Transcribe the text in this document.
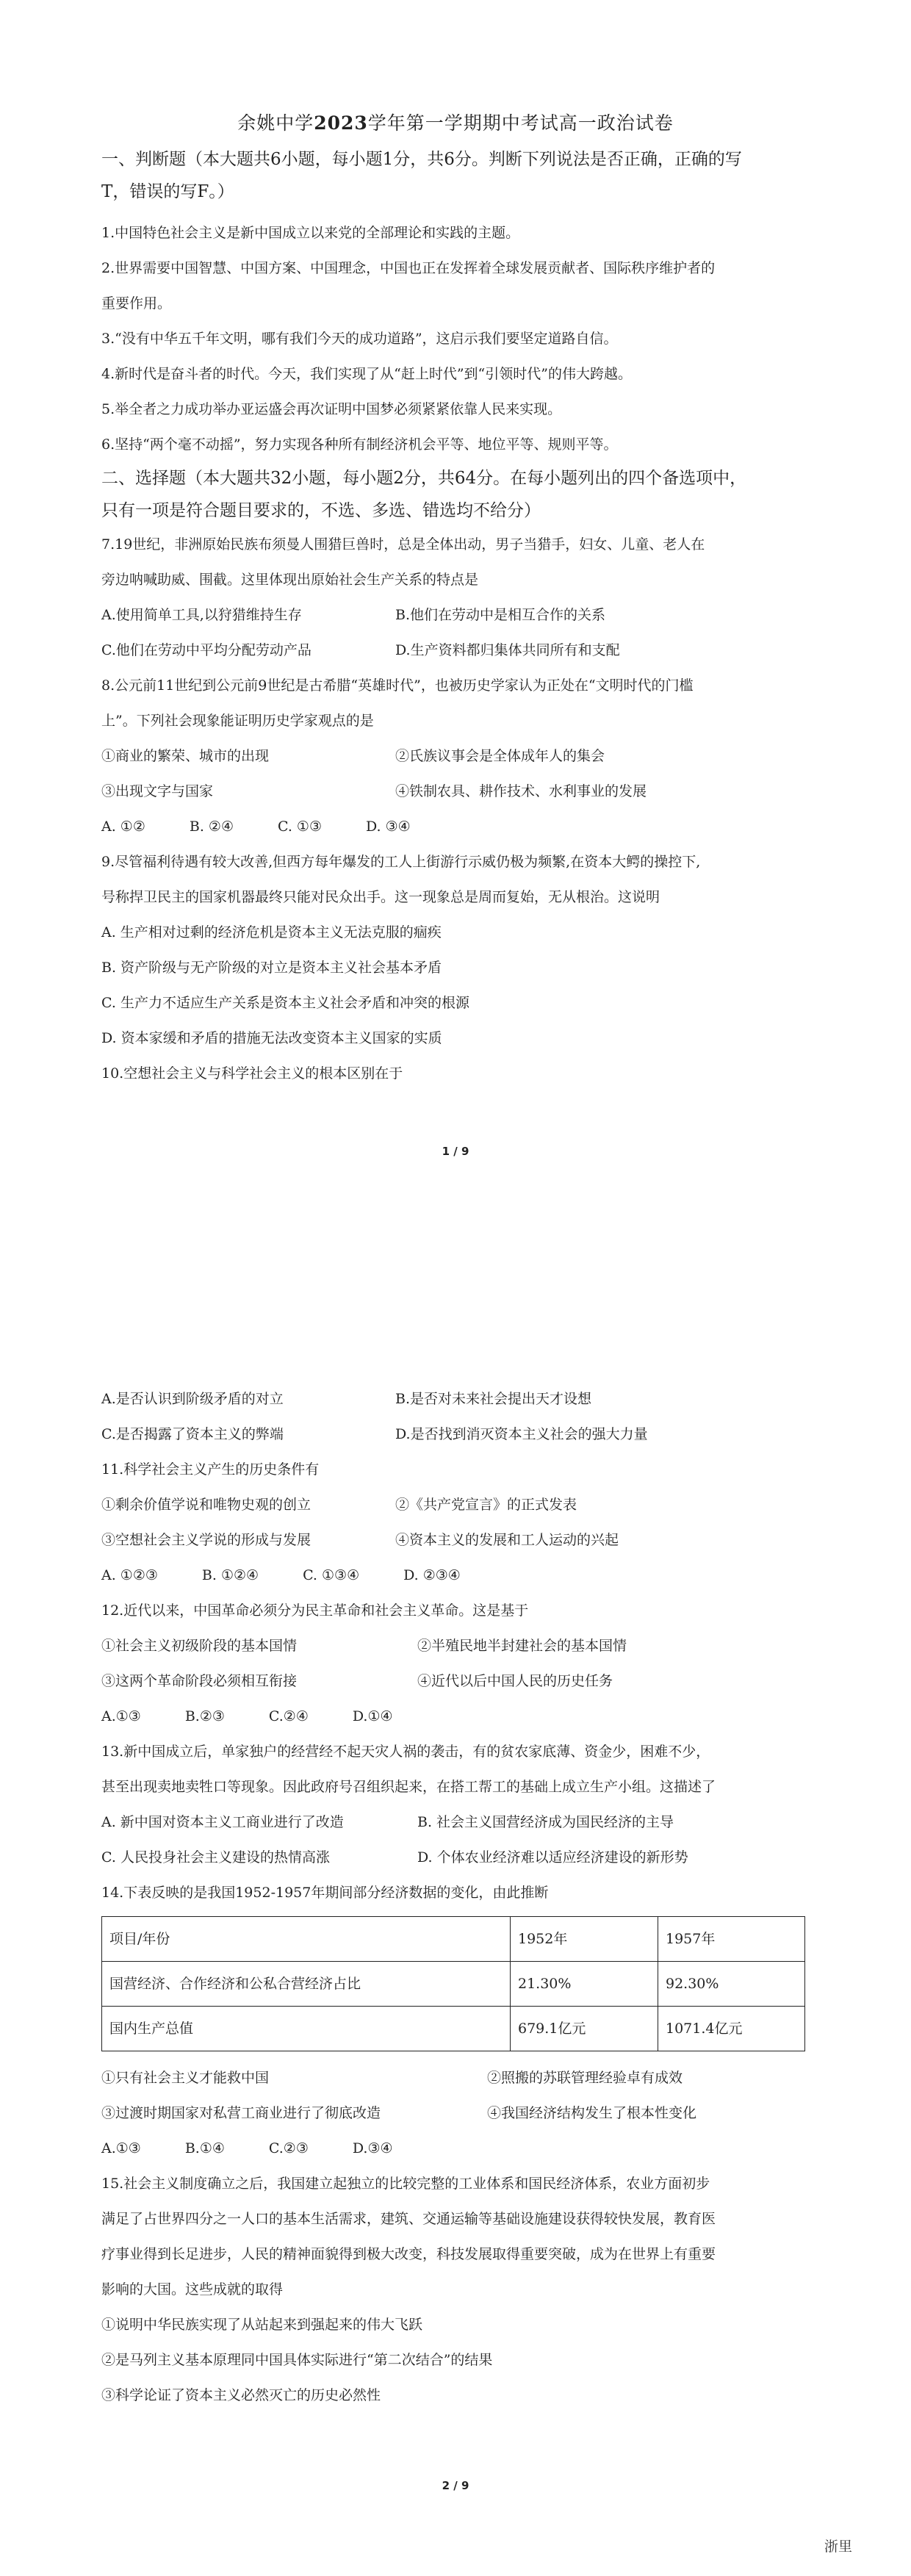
余姚中学2023学年第一学期期中考试高一政治试卷

一、判断题（本大题共6小题，每小题1分，共6分。判断下列说法是否正确，正确的写

T，错误的写F。）

1.中国特色社会主义是新中国成立以来党的全部理论和实践的主题。

2.世界需要中国智慧、中国方案、中国理念，中国也正在发挥着全球发展贡献者、国际秩序维护者的

重要作用。

3.“没有中华五千年文明，哪有我们今天的成功道路”，这启示我们要坚定道路自信。

4.新时代是奋斗者的时代。今天，我们实现了从“赶上时代”到“引领时代”的伟大跨越。

5.举全者之力成功举办亚运盛会再次证明中国梦必须紧紧依靠人民来实现。

6.坚持“两个毫不动摇”，努力实现各种所有制经济机会平等、地位平等、规则平等。

二、选择题（本大题共32小题，每小题2分，共64分。在每小题列出的四个备选项中，

只有一项是符合题目要求的，不选、多选、错选均不给分）

7.19世纪，非洲原始民族布须曼人围猎巨兽时，总是全体出动，男子当猎手，妇女、儿童、老人在

旁边呐喊助威、围截。这里体现出原始社会生产关系的特点是

A.使用简单工具,以狩猎维持生存	B.他们在劳动中是相互合作的关系
C.他们在劳动中平均分配劳动产品	D.生产资料都归集体共同所有和支配

8.公元前11世纪到公元前9世纪是古希腊“英雄时代”，也被历史学家认为正处在“文明时代的门槛

上”。下列社会现象能证明历史学家观点的是

①商业的繁荣、城市的出现	②氏族议事会是全体成年人的集会
③出现文字与国家	④铁制农具、耕作技术、水利事业的发展
A. ①②	B. ②④	C. ①③	D. ③④

9.尽管福利待遇有较大改善,但西方每年爆发的工人上街游行示威仍极为频繁,在资本大鳄的操控下,

号称捍卫民主的国家机器最终只能对民众出手。这一现象总是周而复始，无从根治。这说明

A. 生产相对过剩的经济危机是资本主义无法克服的痼疾

B. 资产阶级与无产阶级的对立是资本主义社会基本矛盾

C. 生产力不适应生产关系是资本主义社会矛盾和冲突的根源

D. 资本家缓和矛盾的措施无法改变资本主义国家的实质

10.空想社会主义与科学社会主义的根本区别在于

1 / 9
A.是否认识到阶级矛盾的对立	B.是否对未来社会提出天才设想
C.是否揭露了资本主义的弊端	D.是否找到消灭资本主义社会的强大力量

11.科学社会主义产生的历史条件有

①剩余价值学说和唯物史观的创立	②《共产党宣言》的正式发表
③空想社会主义学说的形成与发展	④资本主义的发展和工人运动的兴起
A. ①②③	B. ①②④	C. ①③④	D. ②③④

12.近代以来，中国革命必须分为民主革命和社会主义革命。这是基于

①社会主义初级阶段的基本国情	②半殖民地半封建社会的基本国情
③这两个革命阶段必须相互衔接	④近代以后中国人民的历史任务
A.①③	B.②③	C.②④	D.①④

13.新中国成立后，单家独户的经营经不起天灾人祸的袭击，有的贫农家底薄、资金少，困难不少，

甚至出现卖地卖牲口等现象。因此政府号召组织起来，在搭工帮工的基础上成立生产小组。这描述了

A. 新中国对资本主义工商业进行了改造	B. 社会主义国营经济成为国民经济的主导
C. 人民投身社会主义建设的热情高涨	D. 个体农业经济难以适应经济建设的新形势

14.下表反映的是我国1952-1957年期间部分经济数据的变化，由此推断

项目/年份	1952年	1957年
国营经济、合作经济和公私合营经济占比	21.30%	92.30%
国内生产总值	679.1亿元	1071.4亿元
①只有社会主义才能救中国	②照搬的苏联管理经验卓有成效
③过渡时期国家对私营工商业进行了彻底改造	④我国经济结构发生了根本性变化
A.①③	B.①④	C.②③	D.③④

15.社会主义制度确立之后，我国建立起独立的比较完整的工业体系和国民经济体系，农业方面初步

满足了占世界四分之一人口的基本生活需求，建筑、交通运输等基础设施建设获得较快发展，教育医

疗事业得到长足进步，人民的精神面貌得到极大改变，科技发展取得重要突破，成为在世界上有重要

影响的大国。这些成就的取得

①说明中华民族实现了从站起来到强起来的伟大飞跃

②是马列主义基本原理同中国具体实际进行“第二次结合”的结果

③科学论证了资本主义必然灭亡的历史必然性

2 / 9
浙里
